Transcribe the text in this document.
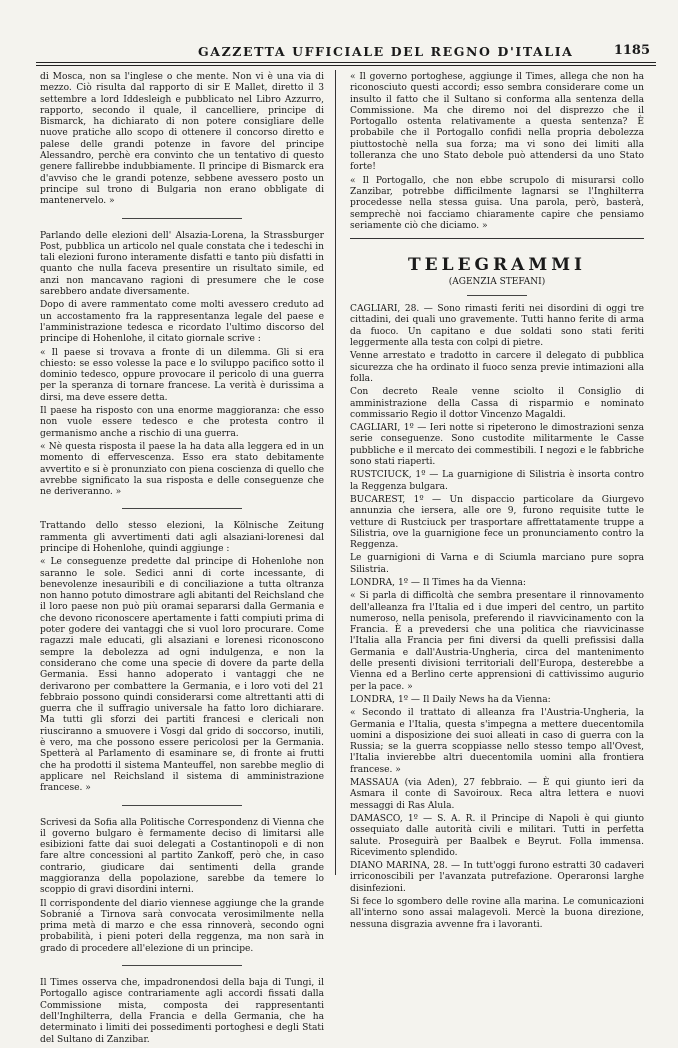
GAZZETTA UFFICIALE DEL REGNO D'ITALIA	1185

di Mosca, non sa l'inglese o che mente. Non vi è una via di mezzo. Ciò risulta dal rapporto di sir E Mallet, diretto il 3 settembre a lord Iddesleigh e pubblicato nel Libro Azzurro, rapporto, secondo il quale, il cancelliere, principe di Bismarck, ha dichiarato di non potere consigliare delle nuove pratiche allo scopo di ottenere il concorso diretto e palese delle grandi potenze in favore del principe Alessandro, perchè era convinto che un tentativo di questo genere fallirebbe indubbiamente. Il principe di Bismarck era d'avviso che le grandi potenze, sebbene avessero posto un principe sul trono di Bulgaria non erano obbligate di mantenervelo. »

Parlando delle elezioni dell' Alsazia-Lorena, la Strassburger Post, pubblica un articolo nel quale constata che i tedeschi in tali elezioni furono interamente disfatti e tanto più disfatti in quanto che nulla faceva presentire un risultato simile, ed anzi non mancavano ragioni di presumere che le cose sarebbero andate diversamente.

Dopo di avere rammentato come molti avessero creduto ad un accostamento fra la rappresentanza legale del paese e l'amministrazione tedesca e ricordato l'ultimo discorso del principe di Hohenlohe, il citato giornale scrive :

« Il paese si trovava a fronte di un dilemma. Gli si era chiesto: se esso volesse la pace e lo sviluppo pacifico sotto il dominio tedesco, oppure provocare il pericolo di una guerra per la speranza di tornare francese. La verità è durissima a dirsi, ma deve essere detta.

Il paese ha risposto con una enorme maggioranza: che esso non vuole essere tedesco e che protesta contro il germanismo anche a rischio di una guerra.

« Nè questa risposta il paese la ha data alla leggera ed in un momento di effervescenza. Esso era stato debitamente avvertito e si è pronunziato con piena coscienza di quello che avrebbe significato la sua risposta e delle conseguenze che ne deriveranno. »

Trattando dello stesso elezioni, la Kölnische Zeitung rammenta gli avvertimenti dati agli alsaziani-lorenesi dal principe di Hohenlohe, quindi aggiunge :

« Le conseguenze predette dal principe di Hohenlohe non saranno le sole. Sedici anni di corte incessante, di benevolenze inesauribili e di conciliazione a tutta oltranza non hanno potuto dimostrare agli abitanti del Reichsland che il loro paese non può più oramai separarsi dalla Germania e che devono riconoscere apertamente i fatti compiuti prima di poter godere dei vantaggi che si vuol loro procurare. Come ragazzi male educati, gli alsaziani e lorenesi riconoscono sempre la debolezza ad ogni indulgenza, e non la considerano che come una specie di dovere da parte della Germania. Essi hanno adoperato i vantaggi che ne derivarono per combattere la Germania, e i loro voti del 21 febbraio possono quindi considerarsi come altrettanti atti di guerra che il suffragio universale ha fatto loro dichiarare. Ma tutti gli sforzi dei partiti francesi e clericali non riusciranno a smuovere i Vosgi dal grido di soccorso, inutili, è vero, ma che possono essere pericolosi per la Germania. Spetterà al Parlamento di esaminare se, di fronte ai frutti che ha prodotti il sistema Manteuffel, non sarebbe meglio di applicare nel Reichsland il sistema di amministrazione francese. »

Scrivesi da Sofia alla Politische Correspondenz di Vienna che il governo bulgaro è fermamente deciso di limitarsi alle esibizioni fatte dai suoi delegati a Costantinopoli e di non fare altre concessioni al partito Zankoff, però che, in caso contrario, giudicare dai sentimenti della grande maggioranza della popolazione, sarebbe da temere lo scoppio di gravi disordini interni.

Il corrispondente del diario viennese aggiunge che la grande Sobranié a Tirnova sarà convocata verosimilmente nella prima metà di marzo e che essa rinnoverà, secondo ogni probabilità, i pieni poteri della reggenza, ma non sarà in grado di procedere all'elezione di un principe.

Il Times osserva che, impadronendosi della baja di Tungi, il Portogallo agisce contrariamente agli accordi fissati dalla Commissione mista, composta dei rappresentanti dell'Inghilterra, della Francia e della Germania, che ha determinato i limiti dei possedimenti portoghesi e degli Stati del Sultano di Zanzibar.

« Il governo portoghese, aggiunge il Times, allega che non ha riconosciuto questi accordi; esso sembra considerare come un insulto il fatto che il Sultano si conforma alla sentenza della Commissione. Ma che diremo noi del disprezzo che il Portogallo ostenta relativamente a questa sentenza? È probabile che il Portogallo confidi nella propria debolezza piuttostochè nella sua forza; ma vi sono dei limiti alla tolleranza che uno Stato debole può attendersi da uno Stato forte!

« Il Portogallo, che non ebbe scrupolo di misurarsi collo Zanzibar, potrebbe difficilmente lagnarsi se l'Inghilterra procedesse nella stessa guisa. Una parola, però, basterà, semprechè noi facciamo chiaramente capire che pensiamo seriamente ciò che diciamo. »

TELEGRAMMI
(AGENZIA STEFANI)

CAGLIARI, 28. — Sono rimasti feriti nei disordini di oggi tre cittadini, dei quali uno gravemente. Tutti hanno ferite di arma da fuoco. Un capitano e due soldati sono stati feriti leggermente alla testa con colpi di pietre.

Venne arrestato e tradotto in carcere il delegato di pubblica sicurezza che ha ordinato il fuoco senza previe intimazioni alla folla.

Con decreto Reale venne sciolto il Consiglio di amministrazione della Cassa di risparmio e nominato commissario Regio il dottor Vincenzo Magaldi.

CAGLIARI, 1º — Ieri notte si ripeterono le dimostrazioni senza serie conseguenze. Sono custodite militarmente le Casse pubbliche e il mercato dei commestibili. I negozi e le fabbriche sono stati riaperti.

RUSTCIUCK, 1º — La guarnigione di Silistria è insorta contro la Reggenza bulgara.

BUCAREST, 1º — Un dispaccio particolare da Giurgevo annunzia che iersera, alle ore 9, furono requisite tutte le vetture di Rustciuck per trasportare affrettatamente truppe a Silistria, ove la guarnigione fece un pronunciamento contro la Reggenza.

Le guarnigioni di Varna e di Sciumla marciano pure sopra Silistria.

LONDRA, 1º — Il Times ha da Vienna:

« Si parla di difficoltà che sembra presentare il rinnovamento dell'alleanza fra l'Italia ed i due imperi del centro, un partito numeroso, nella penisola, preferendo il riavvicinamento con la Francia. È a prevedersi che una politica che riavvicinasse l'Italia alla Francia per fini diversi da quelli prefissisi dalla Germania e dall'Austria-Ungheria, circa del mantenimento delle presenti divisioni territoriali dell'Europa, desterebbe a Vienna ed a Berlino certe apprensioni di cattivissimo augurio per la pace. »

LONDRA, 1º — Il Daily News ha da Vienna:

« Secondo il trattato di alleanza fra l'Austria-Ungheria, la Germania e l'Italia, questa s'impegna a mettere duecentomila uomini a disposizione dei suoi alleati in caso di guerra con la Russia; se la guerra scoppiasse nello stesso tempo all'Ovest, l'Italia invierebbe altri duecentomila uomini alla frontiera francese. »

MASSAUA (via Aden), 27 febbraio. — È qui giunto ieri da Asmara il conte di Savoiroux. Reca altra lettera e nuovi messaggi di Ras Alula.

DAMASCO, 1º — S. A. R. il Principe di Napoli è qui giunto ossequiato dalle autorità civili e militari. Tutti in perfetta salute. Proseguirà per Baalbek e Beyrut. Folla immensa. Ricevimento splendido.

DIANO MARINA, 28. — In tutt'oggi furono estratti 30 cadaveri irriconoscibili per l'avanzata putrefazione. Operaronsi larghe disinfezioni.

Si fece lo sgombero delle rovine alla marina. Le comunicazioni all'interno sono assai malagevoli. Mercè la buona direzione, nessuna disgrazia avvenne fra i lavoranti.
